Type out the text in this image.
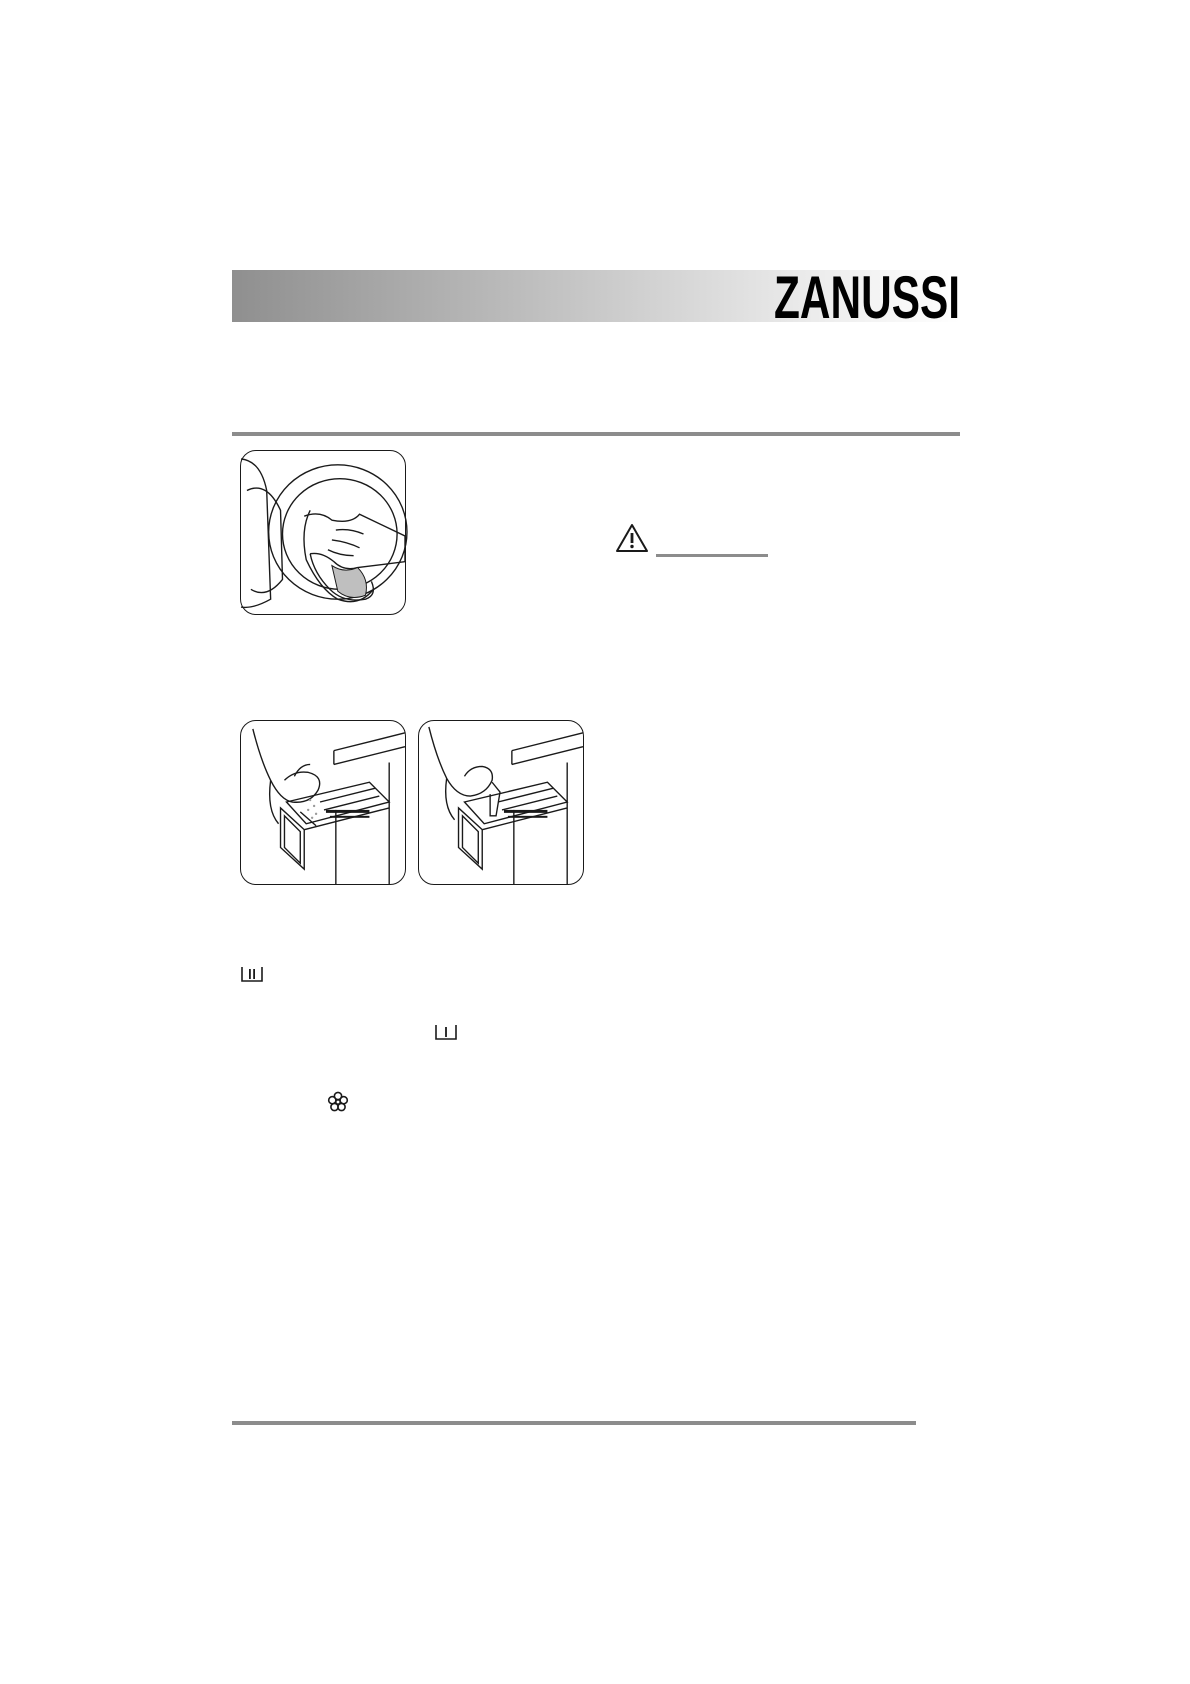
ZANUSSI
